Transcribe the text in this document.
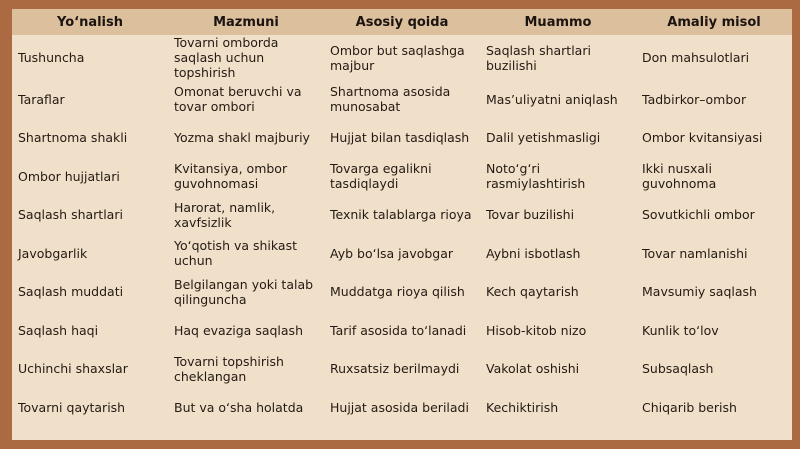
Yo‘nalish	Mazmuni	Asosiy qoida	Muammo	Amaliy misol
Tushuncha	Tovarni omborda saqlash uchun topshirish	Ombor but saqlashga majbur	Saqlash shartlari buzilishi	Don mahsulotlari
Taraflar	Omonat beruvchi va tovar ombori	Shartnoma asosida munosabat	Mas’uliyatni aniqlash	Tadbirkor–ombor
Shartnoma shakli	Yozma shakl majburiy	Hujjat bilan tasdiqlash	Dalil yetishmasligi	Ombor kvitansiyasi
Ombor hujjatlari	Kvitansiya, ombor guvohnomasi	Tovarga egalikni tasdiqlaydi	Noto‘g‘ri rasmiylashtirish	Ikki nusxali guvohnoma
Saqlash shartlari	Harorat, namlik, xavfsizlik	Texnik talablarga rioya	Tovar buzilishi	Sovutkichli ombor
Javobgarlik	Yo‘qotish va shikast uchun	Ayb bo‘lsa javobgar	Aybni isbotlash	Tovar namlanishi
Saqlash muddati	Belgilangan yoki talab qilinguncha	Muddatga rioya qilish	Kech qaytarish	Mavsumiy saqlash
Saqlash haqi	Haq evaziga saqlash	Tarif asosida to‘lanadi	Hisob-kitob nizo	Kunlik to‘lov
Uchinchi shaxslar	Tovarni topshirish cheklangan	Ruxsatsiz berilmaydi	Vakolat oshishi	Subsaqlash
Tovarni qaytarish	But va o‘sha holatda	Hujjat asosida beriladi	Kechiktirish	Chiqarib berish
